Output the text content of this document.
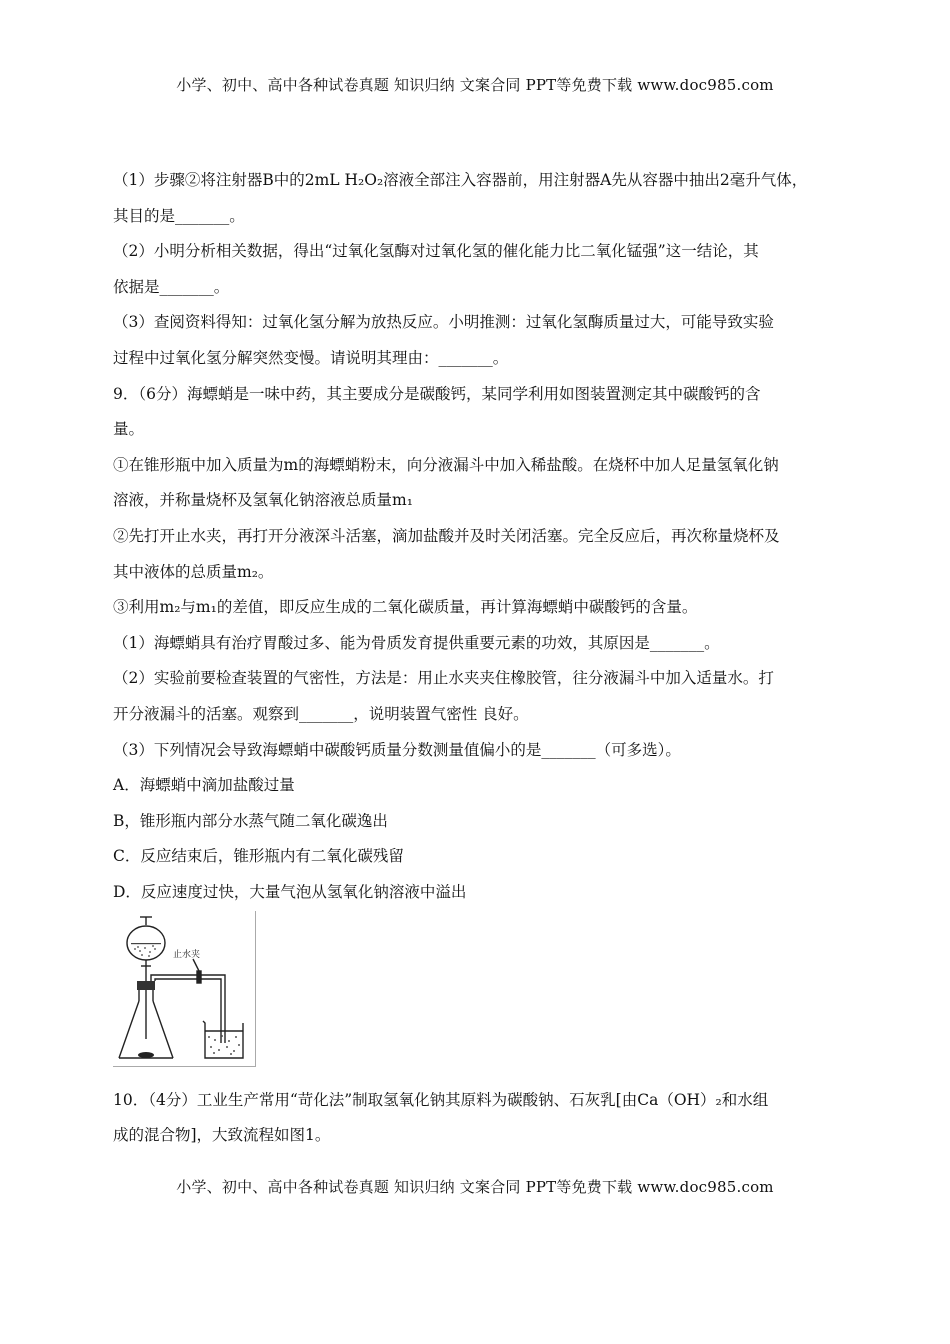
小学、初中、高中各种试卷真题 知识归纳 文案合同 PPT等免费下载 www.doc985.com
（1）步骤②将注射器B中的2mL H₂O₂溶液全部注入容器前，用注射器A先从容器中抽出2毫升气体，
其目的是_______。
（2）小明分析相关数据，得出“过氧化氢酶对过氧化氢的催化能力比二氧化锰强”这一结论，其
依据是_______。
（3）查阅资料得知：过氧化氢分解为放热反应。小明推测：过氧化氢酶质量过大，可能导致实验
过程中过氧化氢分解突然变慢。请说明其理由：_______。
9．（6分）海螵蛸是一味中药，其主要成分是碳酸钙，某同学利用如图装置测定其中碳酸钙的含
量。
①在锥形瓶中加入质量为m的海螵蛸粉末，向分液漏斗中加入稀盐酸。在烧杯中加人足量氢氧化钠
溶液，并称量烧杯及氢氧化钠溶液总质量m₁
②先打开止水夹，再打开分液深斗活塞，滴加盐酸并及时关闭活塞。完全反应后，再次称量烧杯及
其中液体的总质量m₂。
③利用m₂与m₁的差值，即反应生成的二氧化碳质量，再计算海螵蛸中碳酸钙的含量。
（1）海螵蛸具有治疗胃酸过多、能为骨质发育提供重要元素的功效，其原因是_______。
（2）实验前要检查装置的气密性，方法是：用止水夹夹住橡胶管，往分液漏斗中加入适量水。打
开分液漏斗的活塞。观察到_______，说明装置气密性 良好。
（3）下列情况会导致海螵蛸中碳酸钙质量分数测量值偏小的是_______（可多选）。
A．海螵蛸中滴加盐酸过量
B，锥形瓶内部分水蒸气随二氧化碳逸出
C．反应结束后，锥形瓶内有二氧化碳残留
D．反应速度过快，大量气泡从氢氧化钠溶液中溢出
止水夹
10．（4分）工业生产常用“苛化法”制取氢氧化钠其原料为碳酸钠、石灰乳[由Ca（OH）₂和水组
成的混合物]，大致流程如图1。
小学、初中、高中各种试卷真题 知识归纳 文案合同 PPT等免费下载 www.doc985.com
